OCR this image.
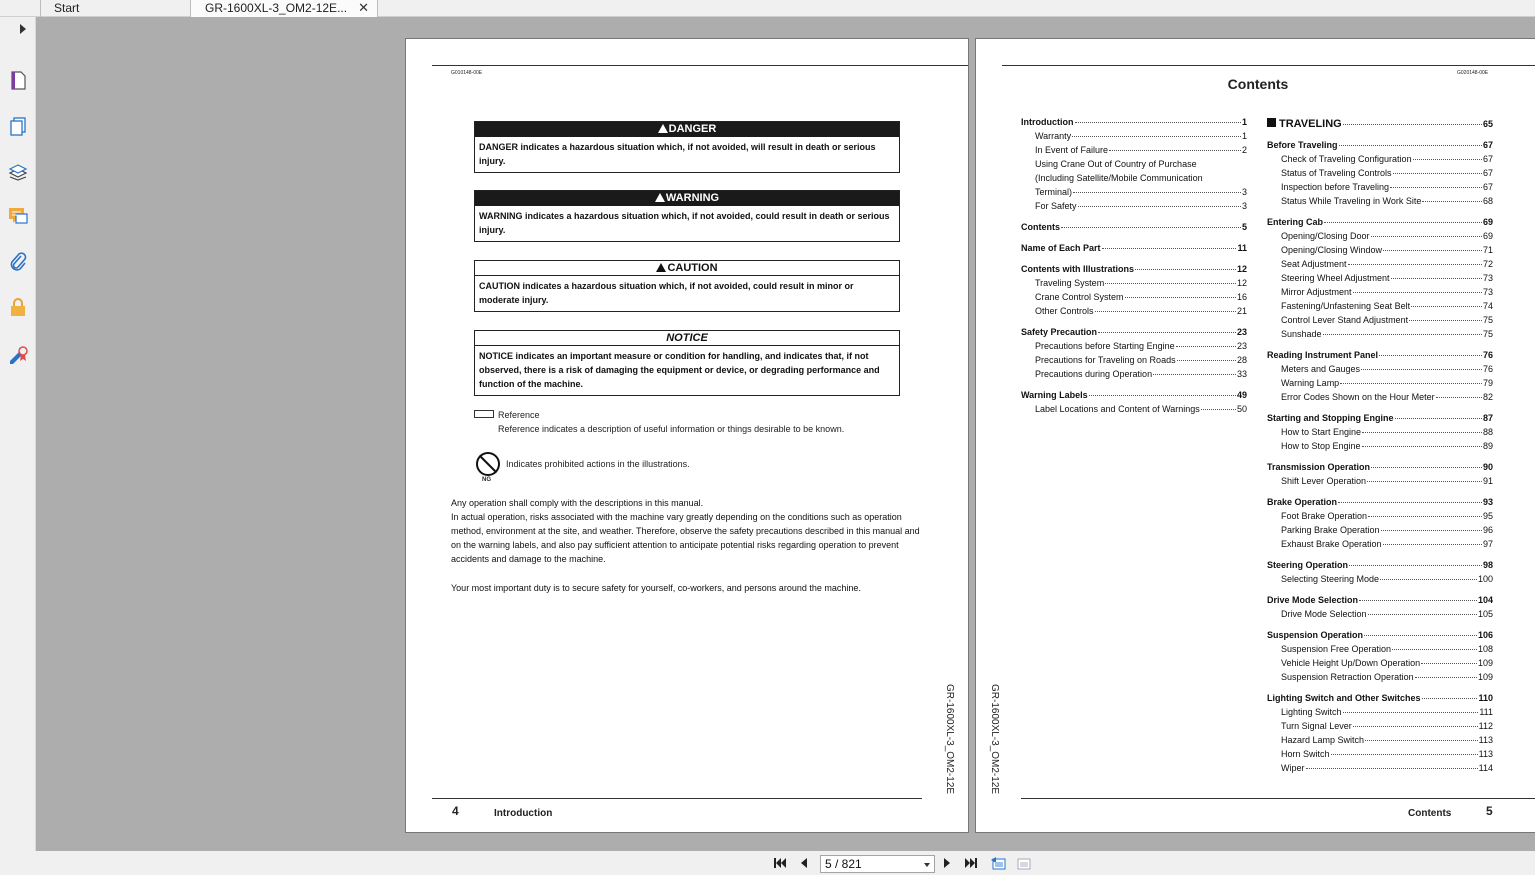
Start	GR-1600XL-3_OM2-12E... ✕
G010148-00E
DANGER
DANGER indicates a hazardous situation which, if not avoided, will result in death or serious injury.
WARNING
WARNING indicates a hazardous situation which, if not avoided, could result in death or serious injury.
CAUTION
CAUTION indicates a hazardous situation which, if not avoided, could result in minor or moderate injury.
NOTICE
NOTICE indicates an important measure or condition for handling, and indicates that, if not observed, there is a risk of damaging the equipment or device, or degrading performance and function of the machine.
Reference
Reference indicates a description of useful information or things desirable to be known.
NG
Indicates prohibited actions in the illustrations.
Any operation shall comply with the descriptions in this manual.
In actual operation, risks associated with the machine vary greatly depending on the conditions such as operation method, environment at the site, and weather. Therefore, observe the safety precautions described in this manual and on the warning labels, and also pay sufficient attention to anticipate potential risks regarding operation to prevent accidents and damage to the machine.
Your most important duty is to secure safety for yourself, co-workers, and persons around the machine.
GR-1600XL-3_OM2-12E
4	Introduction
G020148-00E
Contents
Introduction	1
Warranty	1
In Event of Failure	2
Using Crane Out of Country of Purchase
(Including Satellite/Mobile Communication
Terminal)	3
For Safety	3
Contents	5
Name of Each Part	11
Contents with Illustrations	12
Traveling System	12
Crane Control System	16
Other Controls	21
Safety Precaution	23
Precautions before Starting Engine	23
Precautions for Traveling on Roads	28
Precautions during Operation	33
Warning Labels	49
Label Locations and Content of Warnings	50
TRAVELING	65
Before Traveling	67
Check of Traveling Configuration	67
Status of Traveling Controls	67
Inspection before Traveling	67
Status While Traveling in Work Site	68
Entering Cab	69
Opening/Closing Door	69
Opening/Closing Window	71
Seat Adjustment	72
Steering Wheel Adjustment	73
Mirror Adjustment	73
Fastening/Unfastening Seat Belt	74
Control Lever Stand Adjustment	75
Sunshade	75
Reading Instrument Panel	76
Meters and Gauges	76
Warning Lamp	79
Error Codes Shown on the Hour Meter	82
Starting and Stopping Engine	87
How to Start Engine	88
How to Stop Engine	89
Transmission Operation	90
Shift Lever Operation	91
Brake Operation	93
Foot Brake Operation	95
Parking Brake Operation	96
Exhaust Brake Operation	97
Steering Operation	98
Selecting Steering Mode	100
Drive Mode Selection	104
Drive Mode Selection	105
Suspension Operation	106
Suspension Free Operation	108
Vehicle Height Up/Down Operation	109
Suspension Retraction Operation	109
Lighting Switch and Other Switches	110
Lighting Switch	111
Turn Signal Lever	112
Hazard Lamp Switch	113
Horn Switch	113
Wiper	114
GR-1600XL-3_OM2-12E
Contents	5
5 / 821
